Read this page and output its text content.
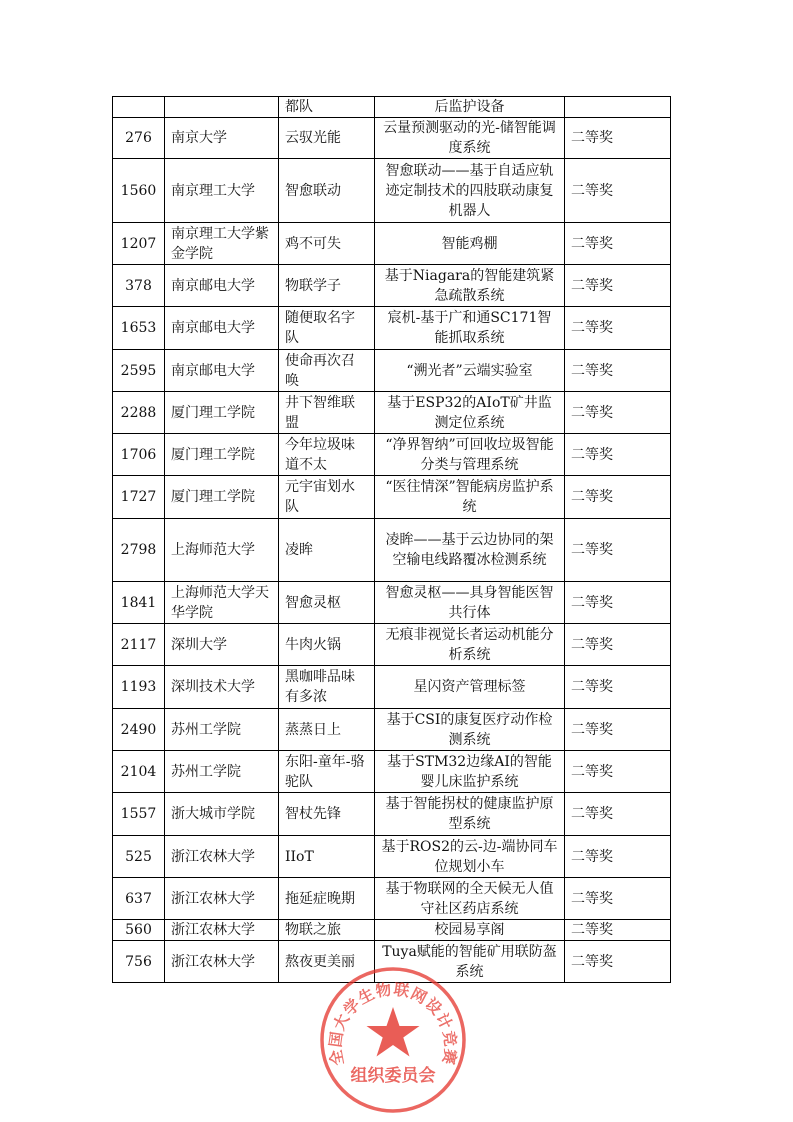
		都队	后监护设备	
276	南京大学	云驭光能	云量预测驱动的光-储智能调度系统	二等奖
1560	南京理工大学	智愈联动	智愈联动——基于自适应轨迹定制技术的四肢联动康复机器人	二等奖
1207	南京理工大学紫金学院	鸡不可失	智能鸡棚	二等奖
378	南京邮电大学	物联学子	基于Niagara的智能建筑紧急疏散系统	二等奖
1653	南京邮电大学	随便取名字队	宸机-基于广和通SC171智能抓取系统	二等奖
2595	南京邮电大学	使命再次召唤	“溯光者”云端实验室	二等奖
2288	厦门理工学院	井下智维联盟	基于ESP32的AIoT矿井监测定位系统	二等奖
1706	厦门理工学院	今年垃圾味道不太	“净界智纳”可回收垃圾智能分类与管理系统	二等奖
1727	厦门理工学院	元宇宙划水队	“医往情深”智能病房监护系统	二等奖
2798	上海师范大学	凌眸	凌眸——基于云边协同的架空输电线路覆冰检测系统	二等奖
1841	上海师范大学天华学院	智愈灵枢	智愈灵枢——具身智能医智共行体	二等奖
2117	深圳大学	牛肉火锅	无痕非视觉长者运动机能分析系统	二等奖
1193	深圳技术大学	黑咖啡品味有多浓	星闪资产管理标签	二等奖
2490	苏州工学院	蒸蒸日上	基于CSI的康复医疗动作检测系统	二等奖
2104	苏州工学院	东阳-童年-骆驼队	基于STM32边缘AI的智能婴儿床监护系统	二等奖
1557	浙大城市学院	智杖先锋	基于智能拐杖的健康监护原型系统	二等奖
525	浙江农林大学	IIoT	基于ROS2的云-边-端协同车位规划小车	二等奖
637	浙江农林大学	拖延症晚期	基于物联网的全天候无人值守社区药店系统	二等奖
560	浙江农林大学	物联之旅	校园易享阁	二等奖
756	浙江农林大学	熬夜更美丽	Tuya赋能的智能矿用联防盔系统	二等奖
全国大学生物联网设计竞赛
组织委员会
